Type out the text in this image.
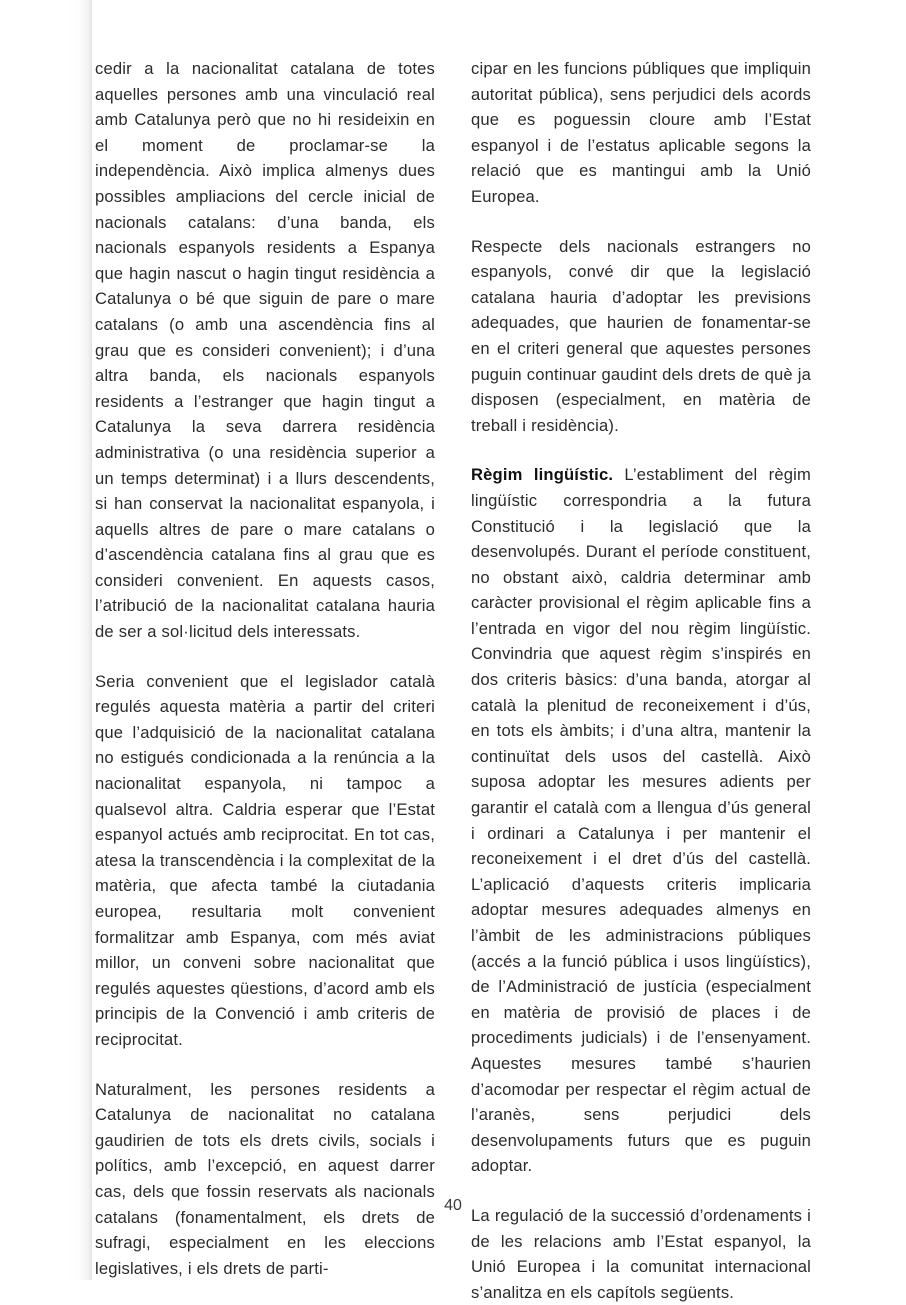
cedir a la nacionalitat catalana de totes aquelles persones amb una vinculació real amb Catalunya però que no hi resideixin en el moment de proclamar-se la independència. Això implica almenys dues possibles ampliacions del cercle inicial de nacionals catalans: d’una banda, els nacionals espanyols residents a Espanya que hagin nascut o hagin tingut residència a Catalunya o bé que siguin de pare o mare catalans (o amb una ascendència fins al grau que es consideri convenient); i d’una altra banda, els nacionals espanyols residents a l’estranger que hagin tingut a Catalunya la seva darrera residència administrativa (o una residència superior a un temps determinat) i a llurs descendents, si han conservat la nacionalitat espanyola, i aquells altres de pare o mare catalans o d’ascendència catalana fins al grau que es consideri convenient. En aquests casos, l’atribució de la nacionalitat catalana hauria de ser a sol·licitud dels interessats.

Seria convenient que el legislador català regulés aquesta matèria a partir del criteri que l’adquisició de la nacionalitat catalana no estigués condicionada a la renúncia a la nacionalitat espanyola, ni tampoc a qualsevol altra. Caldria esperar que l’Estat espanyol actués amb reciprocitat. En tot cas, atesa la transcendència i la complexitat de la matèria, que afecta també la ciutadania europea, resultaria molt convenient formalitzar amb Espanya, com més aviat millor, un conveni sobre nacionalitat que regulés aquestes qüestions, d’acord amb els principis de la Convenció i amb criteris de reciprocitat.

Naturalment, les persones residents a Catalunya de nacionalitat no catalana gaudirien de tots els drets civils, socials i polítics, amb l’excepció, en aquest darrer cas, dels que fossin reservats als nacionals catalans (fonamentalment, els drets de sufragi, especialment en les eleccions legislatives, i els drets de parti-

cipar en les funcions públiques que impliquin autoritat pública), sens perjudici dels acords que es poguessin cloure amb l’Estat espanyol i de l’estatus aplicable segons la relació que es mantingui amb la Unió Europea.

Respecte dels nacionals estrangers no espanyols, convé dir que la legislació catalana hauria d’adoptar les previsions adequades, que haurien de fonamentar-se en el criteri general que aquestes persones puguin continuar gaudint dels drets de què ja disposen (especialment, en matèria de treball i residència).

Règim lingüístic. L’establiment del règim lingüístic correspondria a la futura Constitució i la legislació que la desenvolupés. Durant el període constituent, no obstant això, caldria determinar amb caràcter provisional el règim aplicable fins a l’entrada en vigor del nou règim lingüístic. Convindria que aquest règim s’inspirés en dos criteris bàsics: d’una banda, atorgar al català la plenitud de reconeixement i d’ús, en tots els àmbits; i d’una altra, mantenir la continuïtat dels usos del castellà. Això suposa adoptar les mesures adients per garantir el català com a llengua d’ús general i ordinari a Catalunya i per mantenir el reconeixement i el dret d’ús del castellà. L’aplicació d’aquests criteris implicaria adoptar mesures adequades almenys en l’àmbit de les administracions públiques (accés a la funció pública i usos lingüístics), de l’Administració de justícia (especialment en matèria de provisió de places i de procediments judicials) i de l’ensenyament. Aquestes mesures també s’haurien d’acomodar per respectar el règim actual de l’aranès, sens perjudici dels desenvolupaments futurs que es puguin adoptar.

La regulació de la successió d’ordenaments i de les relacions amb l’Estat espanyol, la Unió Europea i la comunitat internacional s’analitza en els capítols següents.

40
